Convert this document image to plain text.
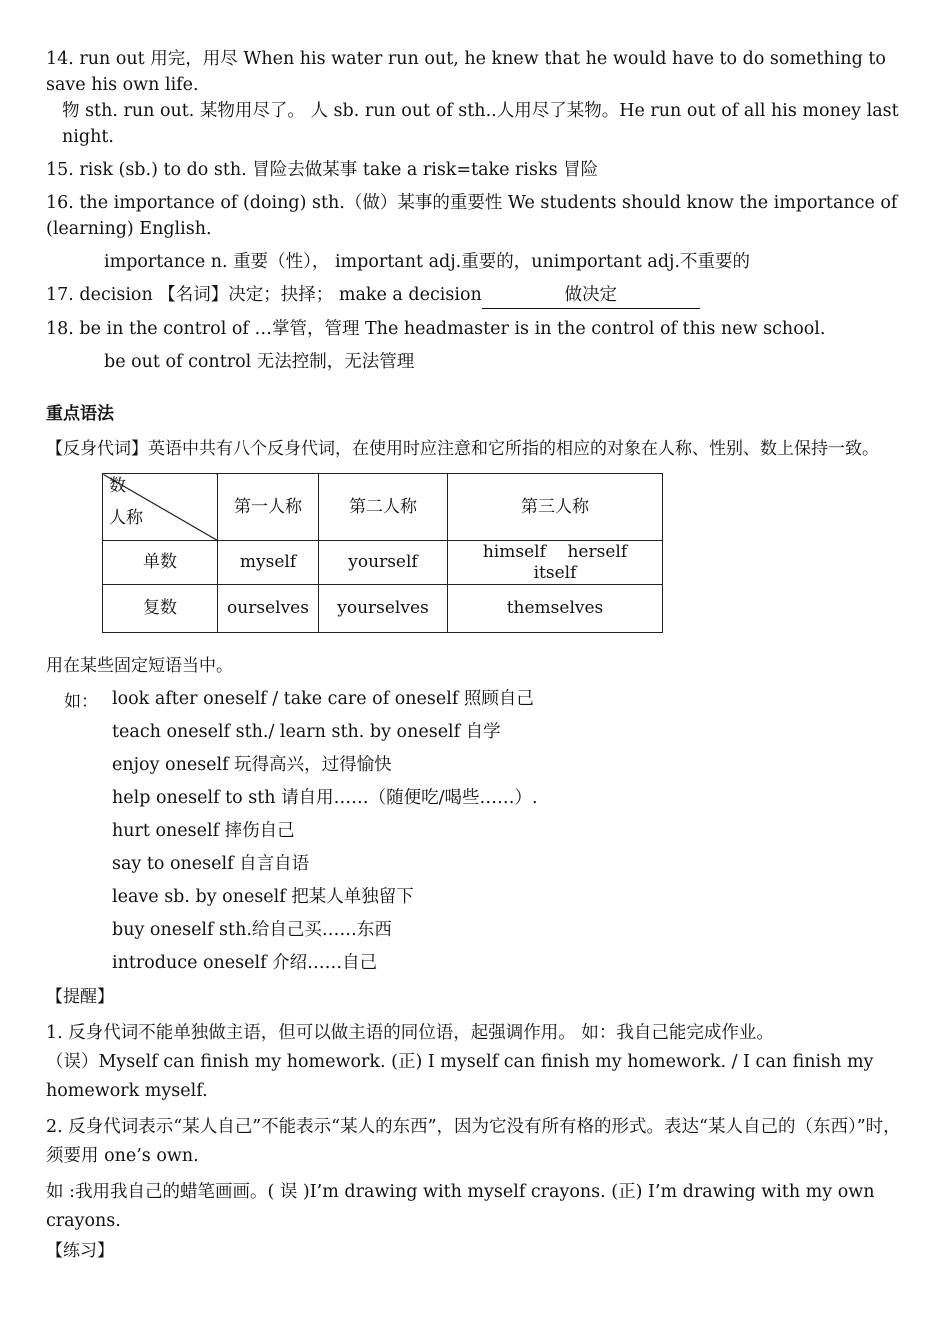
14. run out 用完，用尽 When his water run out, he knew that he would have to do something to save his own life.

物 sth. run out. 某物用尽了。 人 sb. run out of sth..人用尽了某物。He run out of all his money last night.

15. risk (sb.) to do sth. 冒险去做某事 take a risk=take risks 冒险

16. the importance of (doing) sth.（做）某事的重要性 We students should know the importance of (learning) English.

importance n. 重要（性）， important adj.重要的，unimportant adj.不重要的

17. decision 【名词】决定；抉择； make a decision	做决定

18. be in the control of …掌管，管理 The headmaster is in the control of this new school.

be out of control 无法控制，无法管理

重点语法

【反身代词】英语中共有八个反身代词，在使用时应注意和它所指的相应的对象在人称、性别、数上保持一致。

数
人称	第一人称	第二人称	第三人称
单数	myself	yourself	himself    herself
itself

复数	ourselves	yourselves	themselves

用在某些固定短语当中。

如： look after oneself / take care of oneself 照顾自己

teach oneself sth./ learn sth. by oneself 自学

enjoy oneself 玩得高兴，过得愉快

help oneself to sth 请自用……（随便吃/喝些……）.

hurt oneself 摔伤自己

say to oneself 自言自语

leave sb. by oneself 把某人单独留下

buy oneself sth.给自己买……东西

introduce oneself 介绍……自己

【提醒】

1. 反身代词不能单独做主语，但可以做主语的同位语，起强调作用。 如：我自己能完成作业。

（误）Myself can finish my homework. (正) I myself can finish my homework. / I can finish my homework myself.

2. 反身代词表示“某人自己”不能表示“某人的东西”，因为它没有所有格的形式。表达“某人自己的（东西）”时，须要用 one’s own.

如 :我用我自己的蜡笔画画。( 误 )I’m drawing with myself crayons. (正) I’m drawing with my own crayons.

【练习】
